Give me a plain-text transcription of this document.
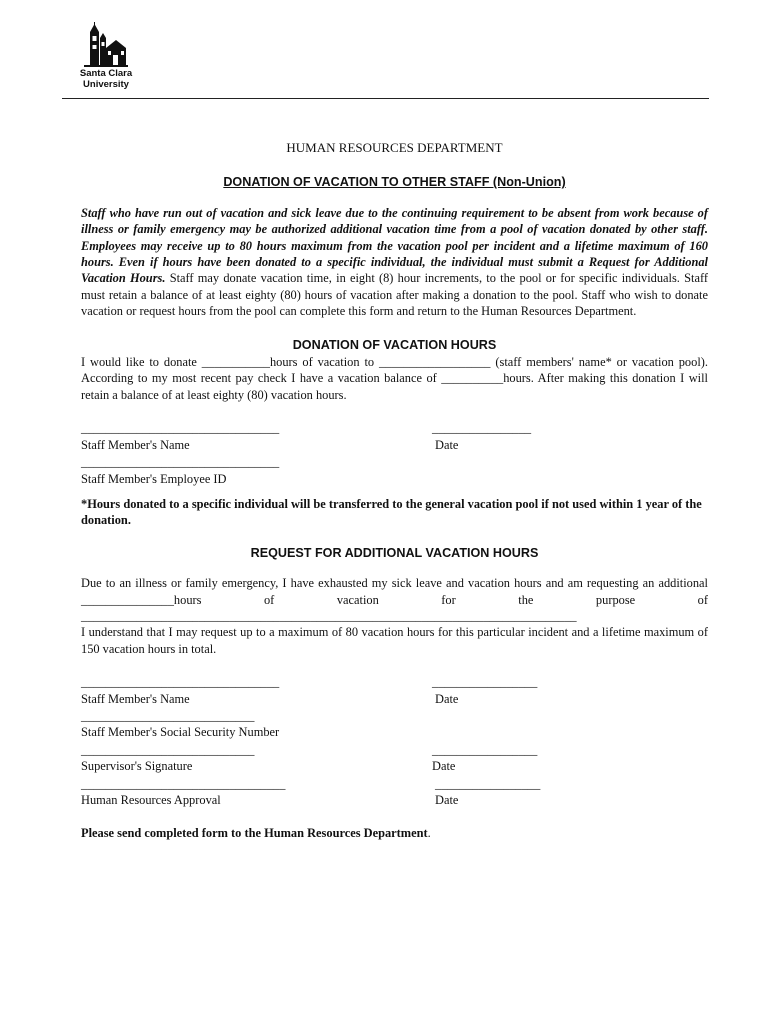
Santa Clara
University
HUMAN RESOURCES DEPARTMENT
DONATION OF VACATION TO OTHER STAFF (Non-Union)

Staff who have run out of vacation and sick leave due to the continuing requirement to be absent from work because of illness or family emergency may be authorized additional vacation time from a pool of vacation donated by other staff. Employees may receive up to 80 hours maximum from the vacation pool per incident and a lifetime maximum of 160 hours. Even if hours have been donated to a specific individual, the individual must submit a Request for Additional Vacation Hours. Staff may donate vacation time, in eight (8) hour increments, to the pool or for specific individuals. Staff must retain a balance of at least eighty (80) hours of vacation after making a donation to the pool. Staff who wish to donate vacation or request hours from the pool can complete this form and return to the Human Resources Department.

DONATION OF VACATION HOURS

I would like to donate ___________hours of vacation to __________________ (staff members' name* or vacation pool). According to my most recent pay check I have a vacation balance of __________hours. After making this donation I will retain a balance of at least eighty (80) vacation hours.

________________________________
Staff Member's Name
________________
Date
________________________________
Staff Member's Employee ID

*Hours donated to a specific individual will be transferred to the general vacation pool if not used within 1 year of the donation.

REQUEST FOR ADDITIONAL VACATION HOURS

Due to an illness or family emergency, I have exhausted my sick leave and vacation hours and am requesting an additional _______________hours of vacation for the purpose of

________________________________________________________________________________

I understand that I may request up to a maximum of 80 vacation hours for this particular incident and a lifetime maximum of 150 vacation hours in total.

________________________________
Staff Member's Name
_________________
Date
____________________________
Staff Member's Social Security Number
____________________________
Supervisor's Signature
_________________
Date
_________________________________
Human Resources Approval
_________________
Date

Please send completed form to the Human Resources Department.
